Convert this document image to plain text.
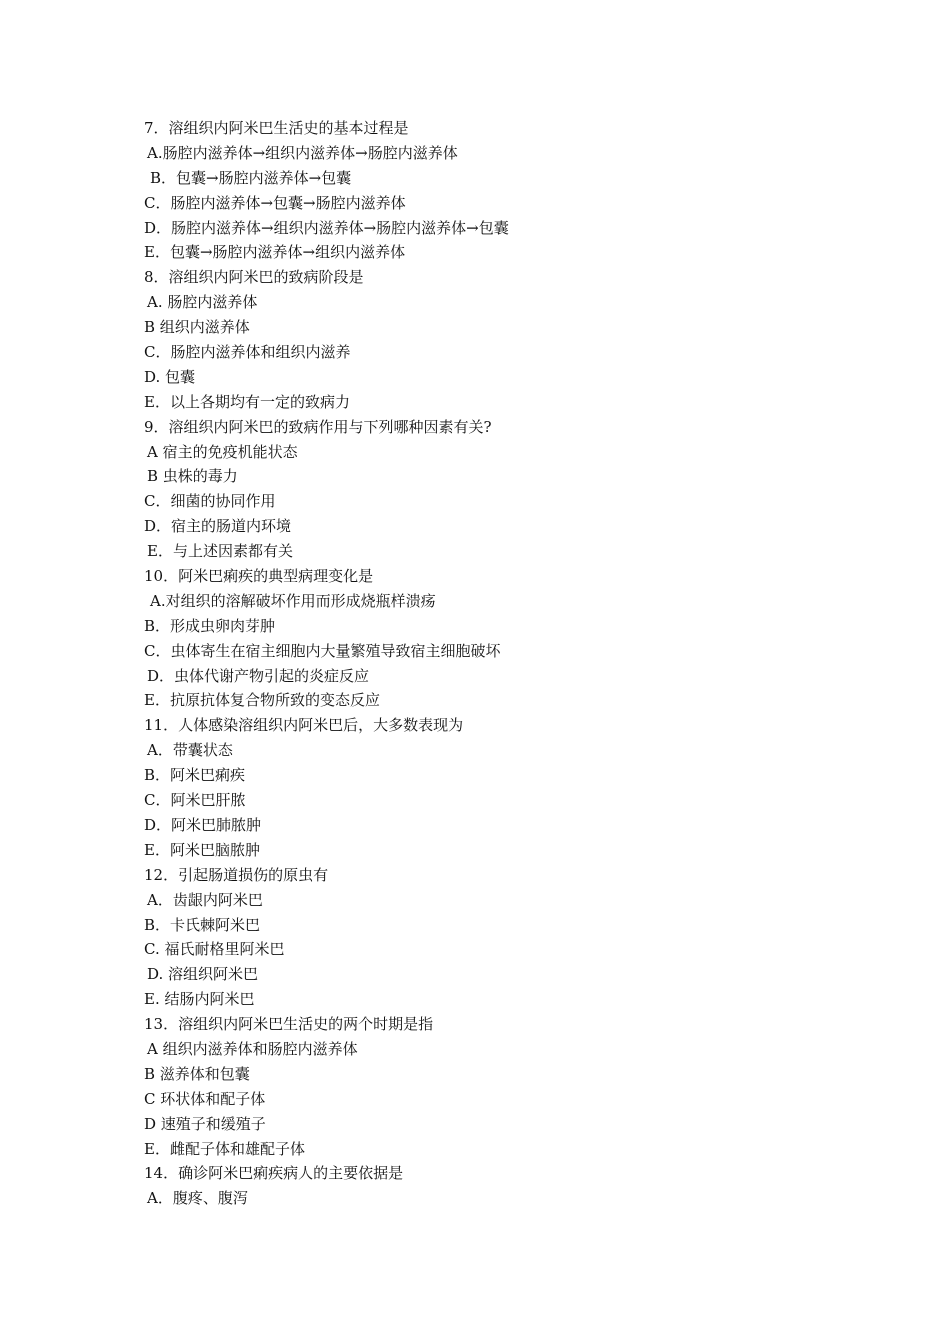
7．溶组织内阿米巴生活史的基本过程是
A.肠腔内滋养体→组织内滋养体→肠腔内滋养体
B．包囊→肠腔内滋养体→包囊
C．肠腔内滋养体→包囊→肠腔内滋养体
D．肠腔内滋养体→组织内滋养体→肠腔内滋养体→包囊
E．包囊→肠腔内滋养体→组织内滋养体
8．溶组织内阿米巴的致病阶段是
A. 肠腔内滋养体
B 组织内滋养体
C．肠腔内滋养体和组织内滋养
D. 包囊
E．以上各期均有一定的致病力
9．溶组织内阿米巴的致病作用与下列哪种因素有关?
A 宿主的免疫机能状态
B 虫株的毒力
C．细菌的协同作用
D．宿主的肠道内环境
E．与上述因素都有关
10．阿米巴痢疾的典型病理变化是
A.对组织的溶解破坏作用而形成烧瓶样溃疡
B．形成虫卵肉芽肿
C．虫体寄生在宿主细胞内大量繁殖导致宿主细胞破坏
D．虫体代谢产物引起的炎症反应
E．抗原抗体复合物所致的变态反应
11．人体感染溶组织内阿米巴后，大多数表现为
A．带囊状态
B．阿米巴痢疾
C．阿米巴肝脓
D．阿米巴肺脓肿
E．阿米巴脑脓肿
12．引起肠道损伤的原虫有
A．齿龈内阿米巴
B．卡氏棘阿米巴
C. 福氏耐格里阿米巴
D. 溶组织阿米巴
E. 结肠内阿米巴
13．溶组织内阿米巴生活史的两个时期是指
A 组织内滋养体和肠腔内滋养体
B 滋养体和包囊
C 环状体和配子体
D 速殖子和缓殖子
E．雌配子体和雄配子体
14．确诊阿米巴痢疾病人的主要依据是
A．腹疼、腹泻
